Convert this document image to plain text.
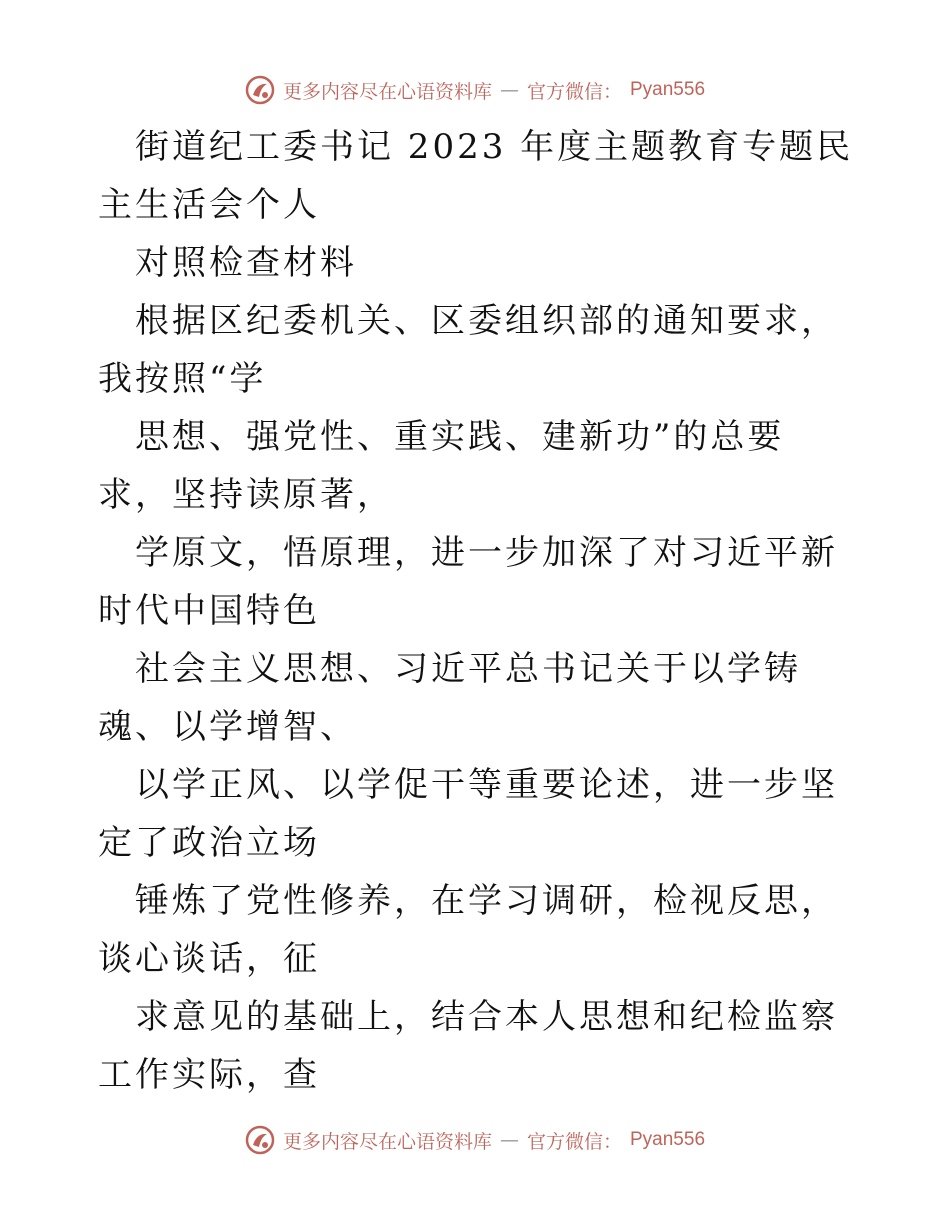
更多内容尽在心语资料库 — 官方微信： Pyan556

街道纪工委书记 2023 年度主题教育专题民主生活会个人

对照检查材料

根据区纪委机关、区委组织部的通知要求，我按照“学

思想、强党性、重实践、建新功”的总要求，坚持读原著，

学原文，悟原理，进一步加深了对习近平新时代中国特色

社会主义思想、习近平总书记关于以学铸魂、以学增智、

以学正风、以学促干等重要论述，进一步坚定了政治立场

锤炼了党性修养，在学习调研，检视反思，谈心谈话，征

求意见的基础上，结合本人思想和纪检监察工作实际，查

更多内容尽在心语资料库 — 官方微信： Pyan556
